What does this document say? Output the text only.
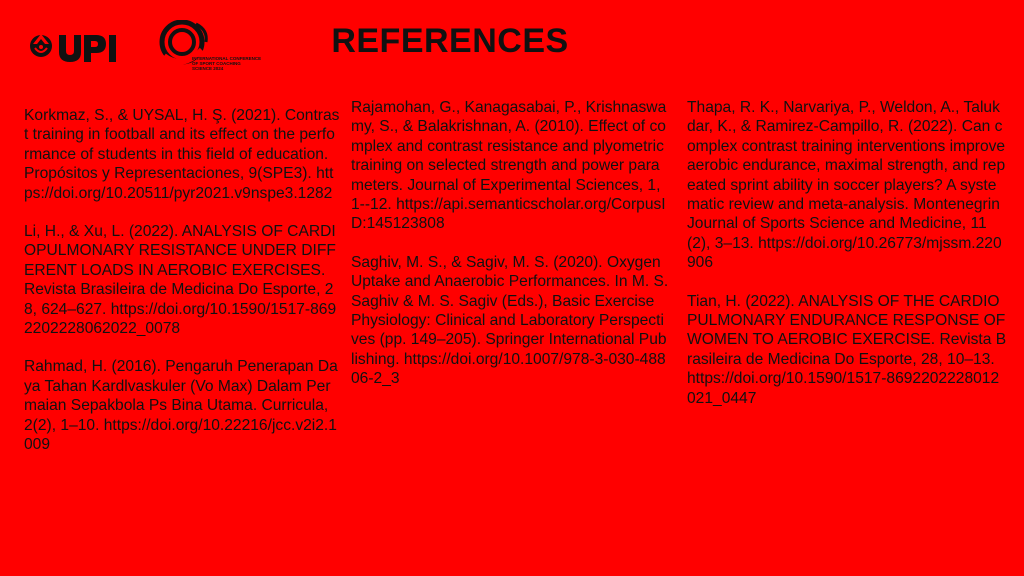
INTERNATIONAL CONFERENCE
OF SPORT COACHING
SCIENCE 2024
REFERENCES

Korkmaz, S., & UYSAL, H. Ş. (2021). Contrast training in football and its effect on the performance of students in this field of education. Propósitos y Representaciones, 9(SPE3). https://doi.org/10.20511/pyr2021.v9nspe3.1282

Li, H., & Xu, L. (2022). ANALYSIS OF CARDIOPULMONARY RESISTANCE UNDER DIFFERENT LOADS IN AEROBIC EXERCISES. Revista Brasileira de Medicina Do Esporte, 28, 624–627. https://doi.org/10.1590/1517-8692202228062022_0078

Rahmad, H. (2016). Pengaruh Penerapan Daya Tahan Kardlvaskuler (Vo Max) Dalam Permaian Sepakbola Ps Bina Utama. Curricula, 2(2), 1–10. https://doi.org/10.22216/jcc.v2i2.1009

Rajamohan, G., Kanagasabai, P., Krishnaswamy, S., & Balakrishnan, A. (2010). Effect of complex and contrast resistance and plyometric training on selected strength and power parameters. Journal of Experimental Sciences, 1, 1--12. https://api.semanticscholar.org/CorpusID:145123808

Saghiv, M. S., & Sagiv, M. S. (2020). Oxygen Uptake and Anaerobic Performances. In M. S. Saghiv & M. S. Sagiv (Eds.), Basic Exercise Physiology: Clinical and Laboratory Perspectives (pp. 149–205). Springer International Publishing. https://doi.org/10.1007/978-3-030-48806-2_3

Thapa, R. K., Narvariya, P., Weldon, A., Talukdar, K., & Ramirez-Campillo, R. (2022). Can complex contrast training interventions improve aerobic endurance, maximal strength, and repeated sprint ability in soccer players? A systematic review and meta-analysis. Montenegrin Journal of Sports Science and Medicine, 11(2), 3–13. https://doi.org/10.26773/mjssm.220906

Tian, H. (2022). ANALYSIS OF THE CARDIOPULMONARY ENDURANCE RESPONSE OF WOMEN TO AEROBIC EXERCISE. Revista Brasileira de Medicina Do Esporte, 28, 10–13. https://doi.org/10.1590/1517-8692202228012021_0447
